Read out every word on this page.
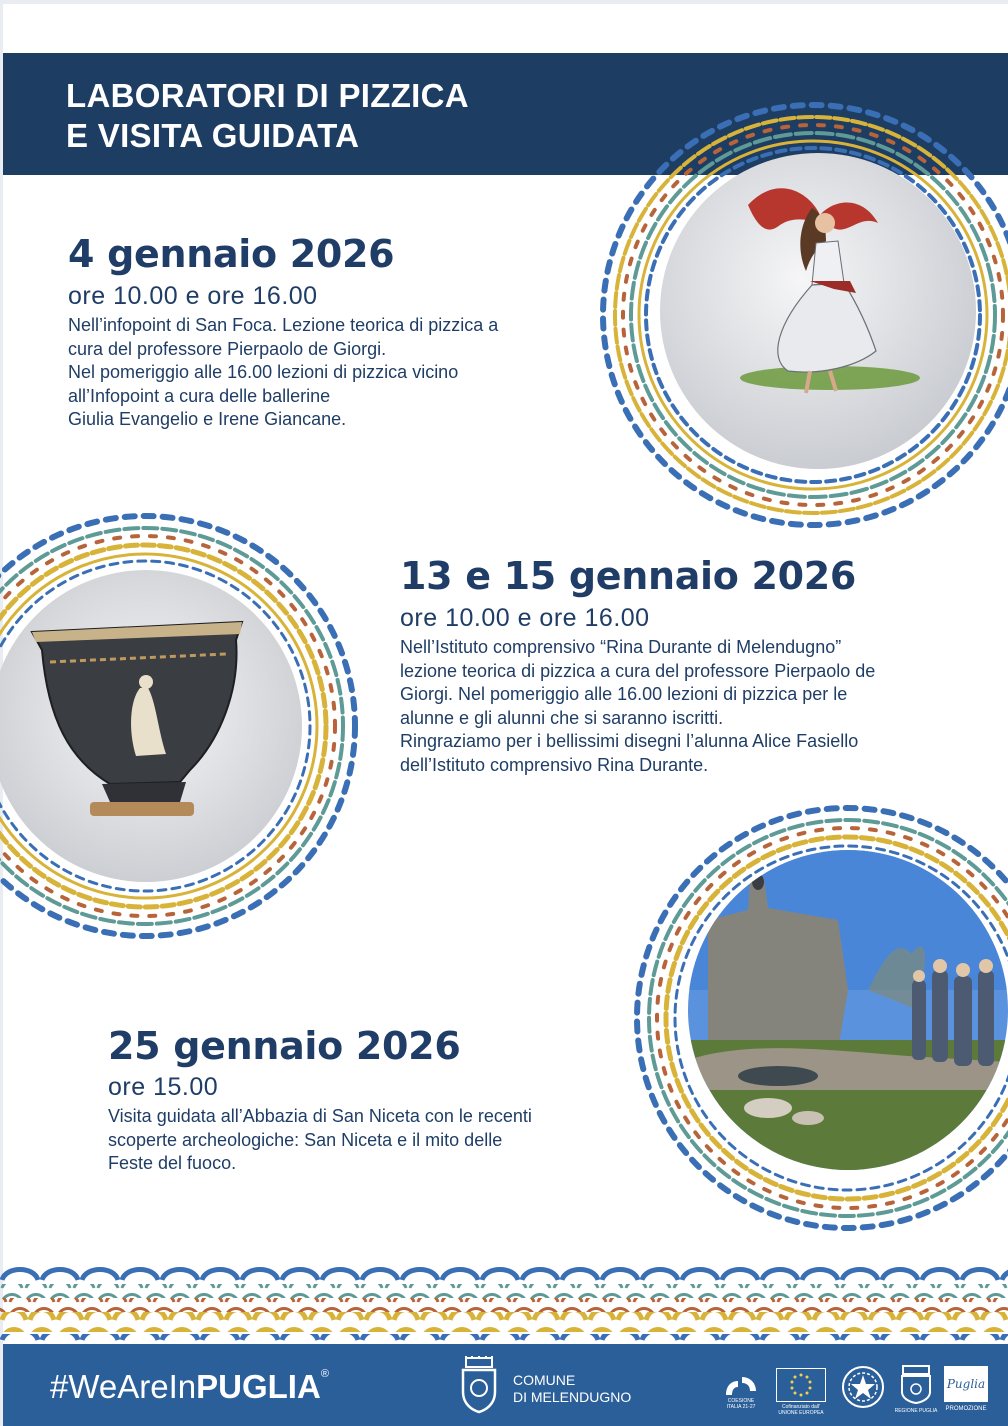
LABORATORI DI PIZZICA
E VISITA GUIDATA
4 gennaio 2026
ore 10.00 e ore 16.00
Nell’infopoint di San Foca. Lezione teorica di pizzica a
cura del professore Pierpaolo de Giorgi.
Nel pomeriggio alle 16.00 lezioni di pizzica vicino
all’Infopoint a cura delle ballerine
Giulia Evangelio e Irene Giancane.
13 e 15 gennaio 2026
ore 10.00 e ore 16.00
Nell’Istituto comprensivo “Rina Durante di Melendugno”
lezione teorica di pizzica a cura del professore Pierpaolo de
Giorgi. Nel pomeriggio alle 16.00 lezioni di pizzica per le
alunne e gli alunni che si saranno iscritti.
Ringraziamo per i bellissimi disegni l’alunna Alice Fasiello
dell’Istituto comprensivo Rina Durante.
25 gennaio 2026
ore 15.00
Visita guidata all’Abbazia di San Niceta con le recenti
scoperte archeologiche: San Niceta e il mito delle
Feste del fuoco.
#WeAreInPUGLIA®	COMUNE
DI MELENDUGNO	COESIONE
ITALIA 21-27	Cofinanziato dall'
UNIONE EUROPEA	REGIONE PUGLIA
Puglia
PROMOZIONE
